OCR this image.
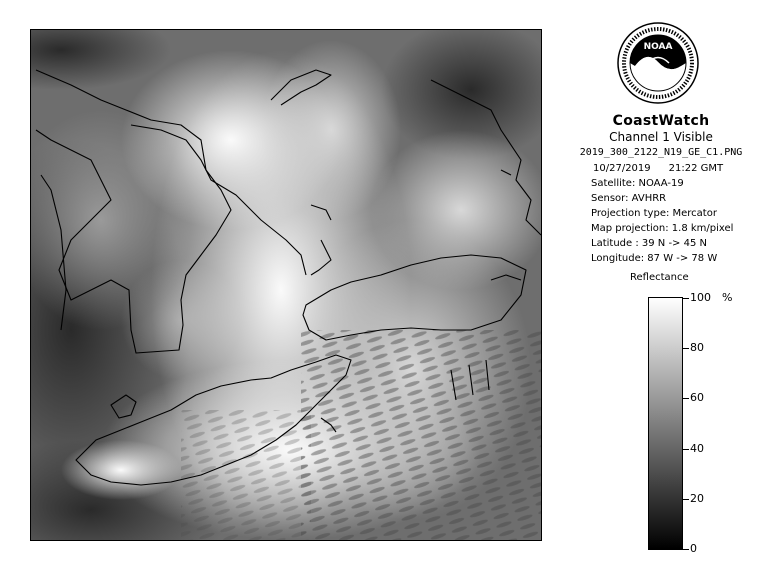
NOAA
CoastWatch
Channel 1 Visible
2019_300_2122_N19_GE_C1.PNG
10/27/2019 21:22 GMT
Satellite: NOAA-19
Sensor: AVHRR
Projection type: Mercator
Map projection: 1.8 km/pixel
Latitude : 39 N -> 45 N
Longitude: 87 W -> 78 W
Reflectance
%
100
80
60
40
20
0
